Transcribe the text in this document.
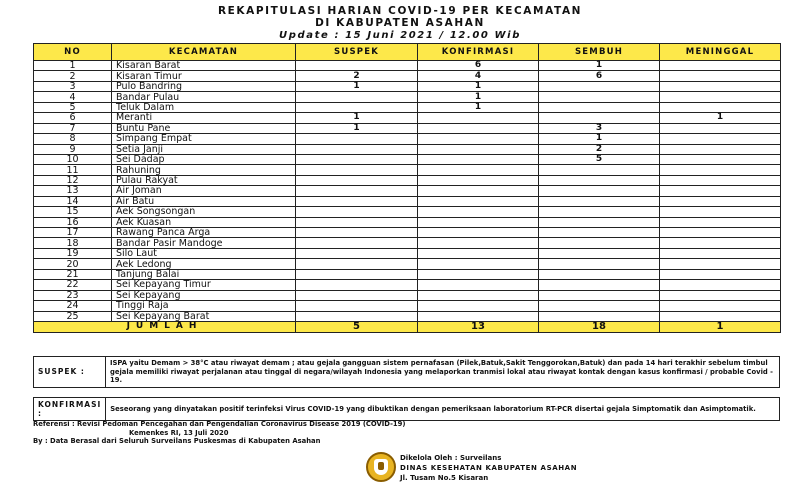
REKAPITULASI HARIAN COVID-19 PER KECAMATAN
DI KABUPATEN ASAHAN
Update : 15 Juni 2021 / 12.00 Wib
NO	KECAMATAN	SUSPEK	KONFIRMASI	SEMBUH	MENINGGAL
1	Kisaran Barat		6	1	
2	Kisaran Timur	2	4	6	
3	Pulo Bandring	1	1		
4	Bandar Pulau		1		
5	Teluk Dalam		1		
6	Meranti	1			1
7	Buntu Pane	1		3	
8	Simpang Empat			1	
9	Setia Janji			2	
10	Sei Dadap			5	
11	Rahuning				
12	Pulau Rakyat				
13	Air Joman				
14	Air Batu				
15	Aek Songsongan				
16	Aek Kuasan				
17	Rawang Panca Arga				
18	Bandar Pasir Mandoge				
19	Silo Laut				
20	Aek Ledong				
21	Tanjung Balai				
22	Sei Kepayang Timur				
23	Sei Kepayang				
24	Tinggi Raja				
25	Sei Kepayang Barat				
JUMLAH		5	13	18	1
SUSPEK :	ISPA yaitu Demam > 38°C atau riwayat demam ; atau gejala gangguan sistem pernafasan (Pilek,Batuk,Sakit Tenggorokan,Batuk) dan pada 14 hari terakhir sebelum timbul gejala memiliki riwayat perjalanan atau tinggal di negara/wilayah Indonesia yang melaporkan tranmisi lokal atau riwayat kontak dengan kasus konfirmasi / probable Covid - 19.
KONFIRMASI :	Seseorang yang dinyatakan positif terinfeksi Virus COVID-19 yang dibuktikan dengan pemeriksaan laboratorium RT-PCR disertai gejala Simptomatik dan Asimptomatik.
Referensi : Revisi Pedoman Pencegahan dan Pengendalian Coronavirus Disease 2019 (COVID-19)
Kemenkes RI, 13 Juli 2020
By : Data Berasal dari Seluruh Surveilans Puskesmas di Kabupaten Asahan
Dikelola Oleh : Surveilans
DINAS KESEHATAN KABUPATEN ASAHAN
Jl. Tusam No.5 Kisaran
